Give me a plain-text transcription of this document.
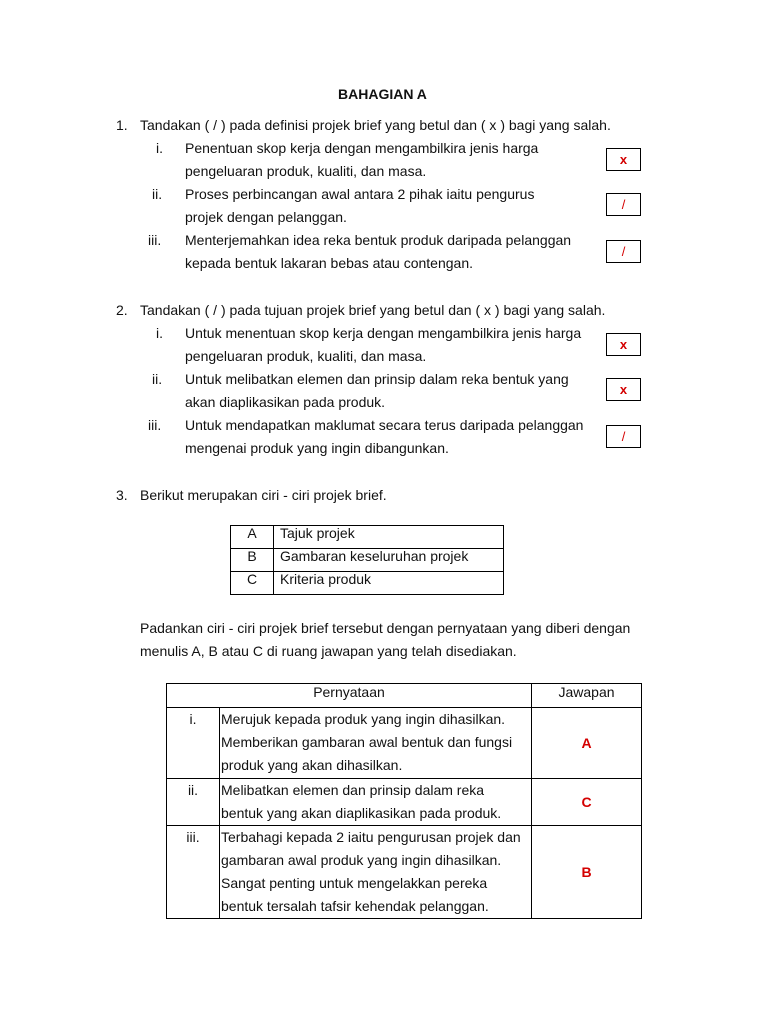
BAHAGIAN A
1. Tandakan ( / ) pada definisi projek brief yang betul dan ( x ) bagi yang salah.
i. Penentuan skop kerja dengan mengambilkira jenis harga
pengeluaran produk, kualiti, dan masa.
x
ii. Proses perbincangan awal antara 2 pihak iaitu pengurus
projek dengan pelanggan.
/
iii. Menterjemahkan idea reka bentuk produk daripada pelanggan
kepada bentuk lakaran bebas atau contengan.
/
2. Tandakan ( / ) pada tujuan projek brief yang betul dan ( x ) bagi yang salah.
i. Untuk menentuan skop kerja dengan mengambilkira jenis harga
pengeluaran produk, kualiti, dan masa.
x
ii. Untuk melibatkan elemen dan prinsip dalam reka bentuk yang
akan diaplikasikan pada produk.
x
iii. Untuk mendapatkan maklumat secara terus daripada pelanggan
mengenai produk yang ingin dibangunkan.
/
3. Berikut merupakan ciri - ciri projek brief.
A	Tajuk projek
B	Gambaran keseluruhan projek
C	Kriteria produk
Padankan ciri - ciri projek brief tersebut dengan pernyataan yang diberi dengan
menulis A, B atau C di ruang jawapan yang telah disediakan.
Pernyataan		Jawapan
i.	Merujuk kepada produk yang ingin dihasilkan.
Memberikan gambaran awal bentuk dan fungsi
produk yang akan dihasilkan.	A
ii.	Melibatkan elemen dan prinsip dalam reka
bentuk yang akan diaplikasikan pada produk.	C
iii.	Terbahagi kepada 2 iaitu pengurusan projek dan
gambaran awal produk yang ingin dihasilkan.
Sangat penting untuk mengelakkan pereka
bentuk tersalah tafsir kehendak pelanggan.	B
